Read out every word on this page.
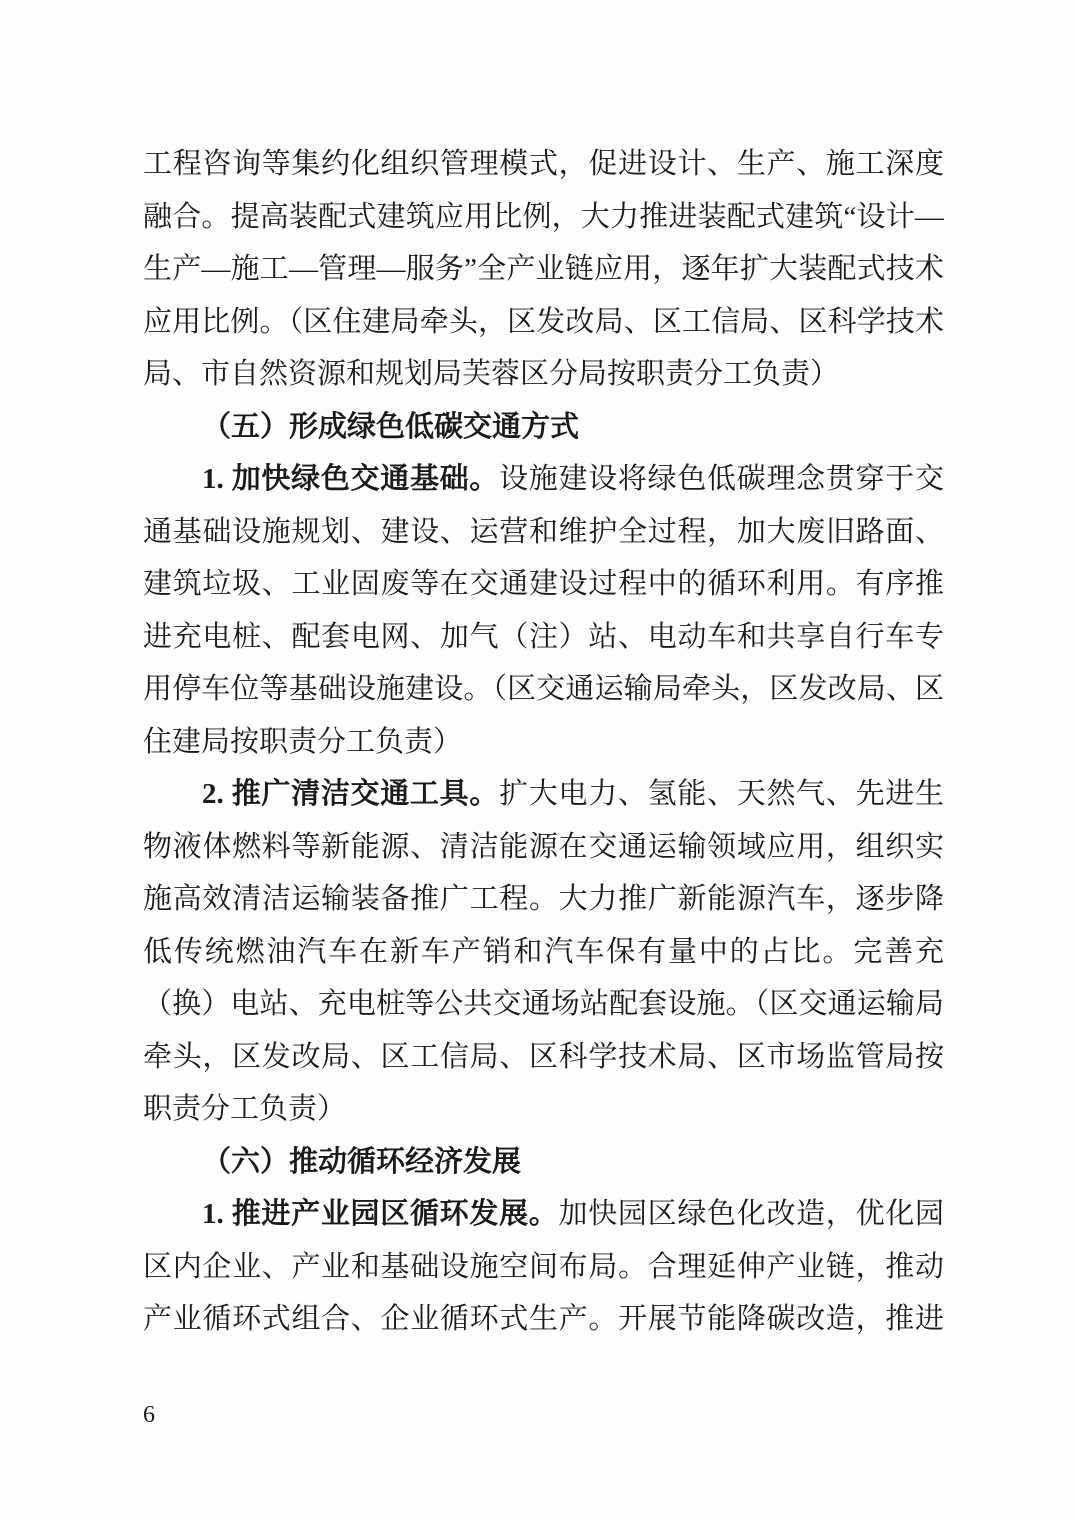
工程咨询等集约化组织管理模式，促进设计、生产、施工深度
融合。提高装配式建筑应用比例，大力推进装配式建筑“设计—
生产—施工—管理—服务”全产业链应用，逐年扩大装配式技术
应用比例。（区住建局牵头，区发改局、区工信局、区科学技术
局、市自然资源和规划局芙蓉区分局按职责分工负责）
（五）形成绿色低碳交通方式
1. 加快绿色交通基础。设施建设将绿色低碳理念贯穿于交
通基础设施规划、建设、运营和维护全过程，加大废旧路面、
建筑垃圾、工业固废等在交通建设过程中的循环利用。有序推
进充电桩、配套电网、加气（注）站、电动车和共享自行车专
用停车位等基础设施建设。（区交通运输局牵头，区发改局、区
住建局按职责分工负责）
2. 推广清洁交通工具。扩大电力、氢能、天然气、先进生
物液体燃料等新能源、清洁能源在交通运输领域应用，组织实
施高效清洁运输装备推广工程。大力推广新能源汽车，逐步降
低传统燃油汽车在新车产销和汽车保有量中的占比。完善充
（换）电站、充电桩等公共交通场站配套设施。（区交通运输局
牵头，区发改局、区工信局、区科学技术局、区市场监管局按
职责分工负责）
（六）推动循环经济发展
1. 推进产业园区循环发展。加快园区绿色化改造，优化园
区内企业、产业和基础设施空间布局。合理延伸产业链，推动
产业循环式组合、企业循环式生产。开展节能降碳改造，推进
6
